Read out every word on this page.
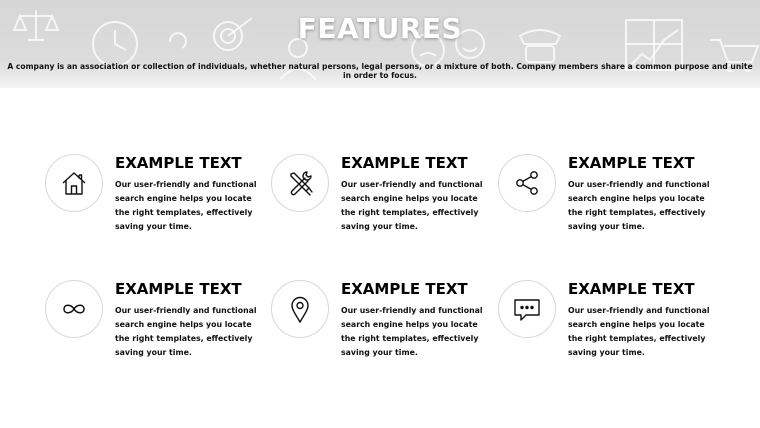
FEATURES
A company is an association or collection of individuals, whether natural persons, legal persons, or a mixture of both. Company members share a common purpose and unite in order to focus.
EXAMPLE TEXT
Our user-friendly and functional search engine helps you locate the right templates, effectively saving your time.
EXAMPLE TEXT
Our user-friendly and functional search engine helps you locate the right templates, effectively saving your time.
EXAMPLE TEXT
Our user-friendly and functional search engine helps you locate the right templates, effectively saving your time.
EXAMPLE TEXT
Our user-friendly and functional search engine helps you locate the right templates, effectively saving your time.
EXAMPLE TEXT
Our user-friendly and functional search engine helps you locate the right templates, effectively saving your time.
EXAMPLE TEXT
Our user-friendly and functional search engine helps you locate the right templates, effectively saving your time.
